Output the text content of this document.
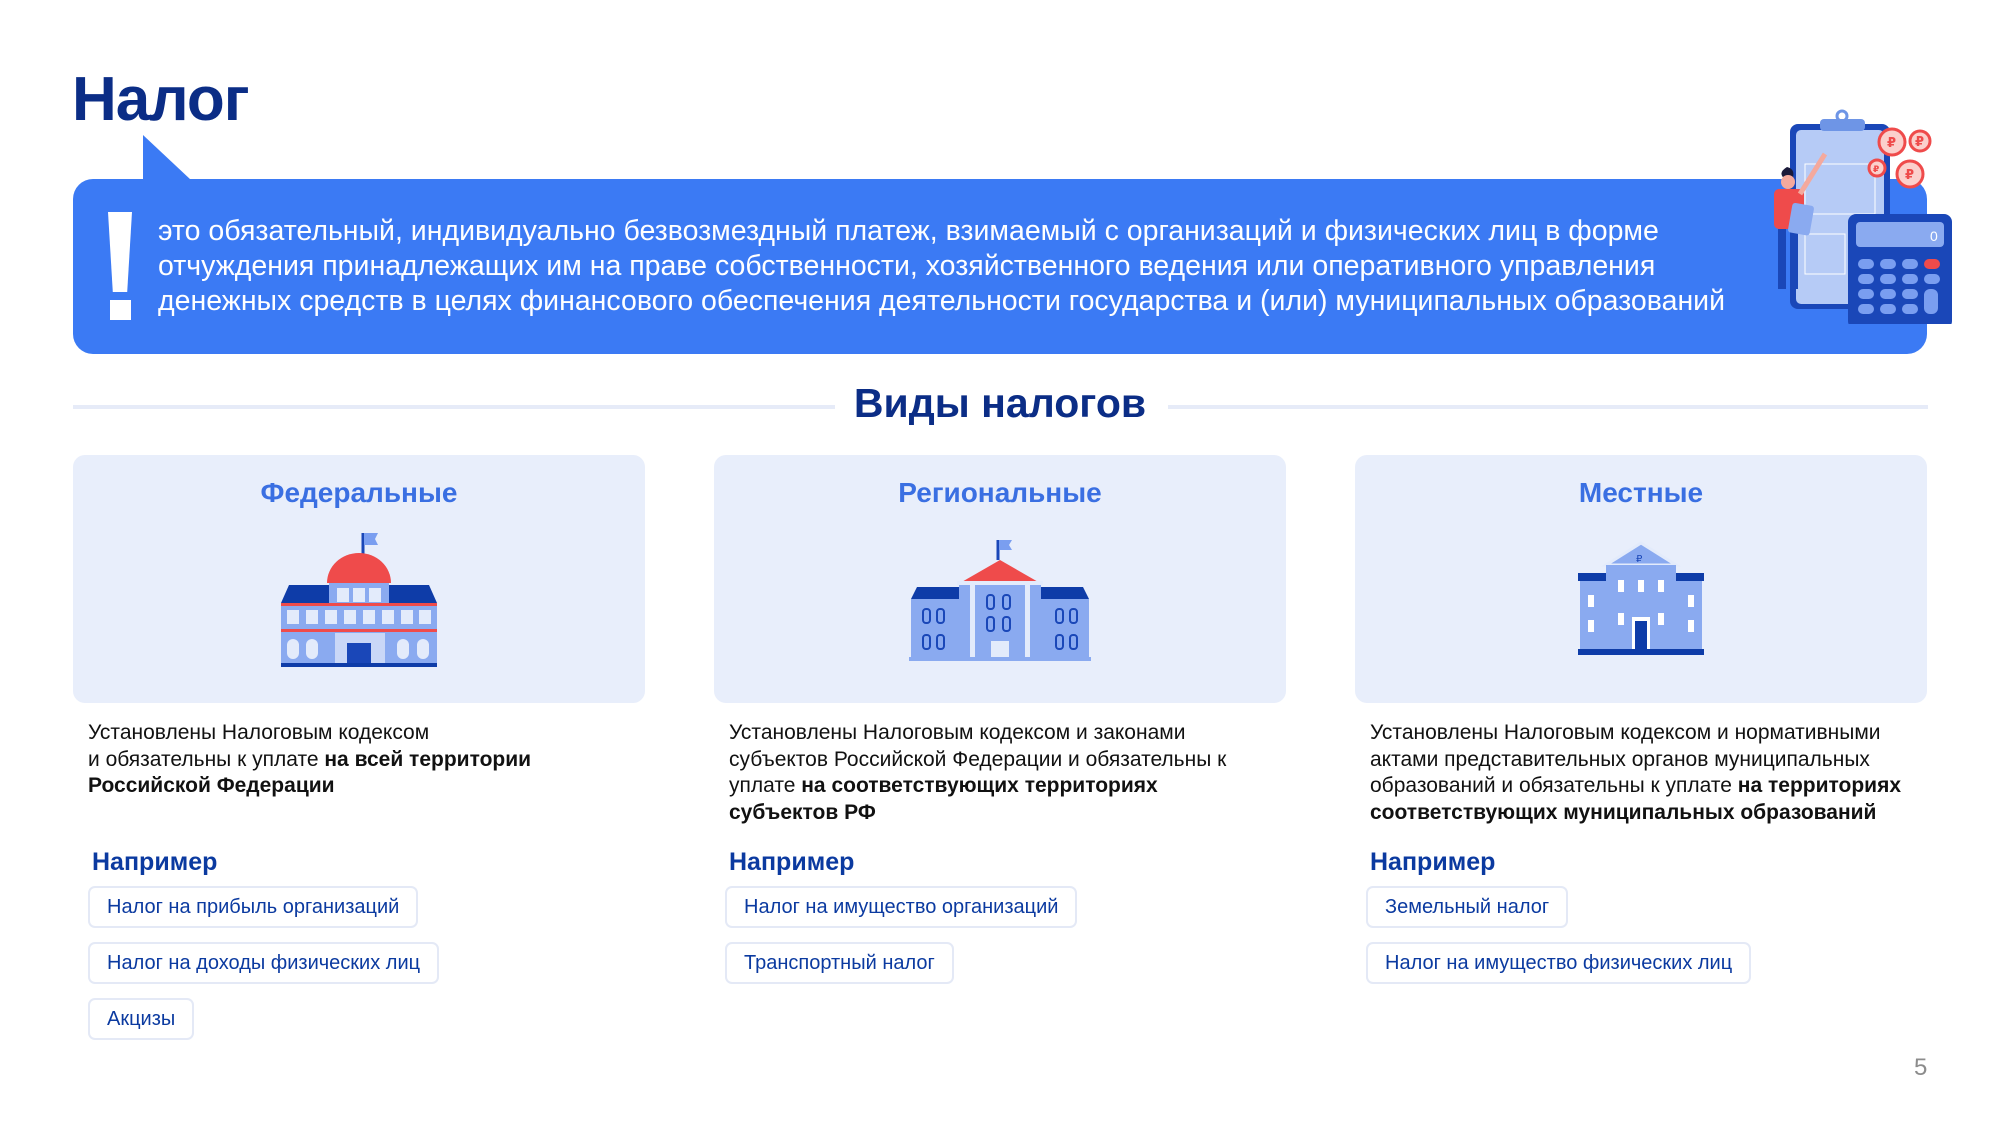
Налог
это обязательный, индивидуально безвозмездный платеж, взимаемый с организаций и физических лиц в форме
отчуждения принадлежащих им на праве собственности, хозяйственного ведения или оперативного управления
денежных средств в целях финансового обеспечения деятельности государства и (или) муниципальных образований
0
₽ ₽
₽ ₽
Виды налогов
Федеральные
Установлены Налоговым кодексом
и обязательны к уплате на всей территории Российской Федерации
Например
Налог на прибыль организаций
Налог на доходы физических лиц
Акцизы
Региональные
Установлены Налоговым кодексом и законами субъектов Российской Федерации и обязательны к уплате на соответствующих территориях субъектов РФ
Например
Налог на имущество организаций
Транспортный налог
Местные
₽
Установлены Налоговым кодексом и нормативными актами представительных органов муниципальных образований и обязательны к уплате на территориях соответствующих муниципальных образований
Например
Земельный налог
Налог на имущество физических лиц
5
